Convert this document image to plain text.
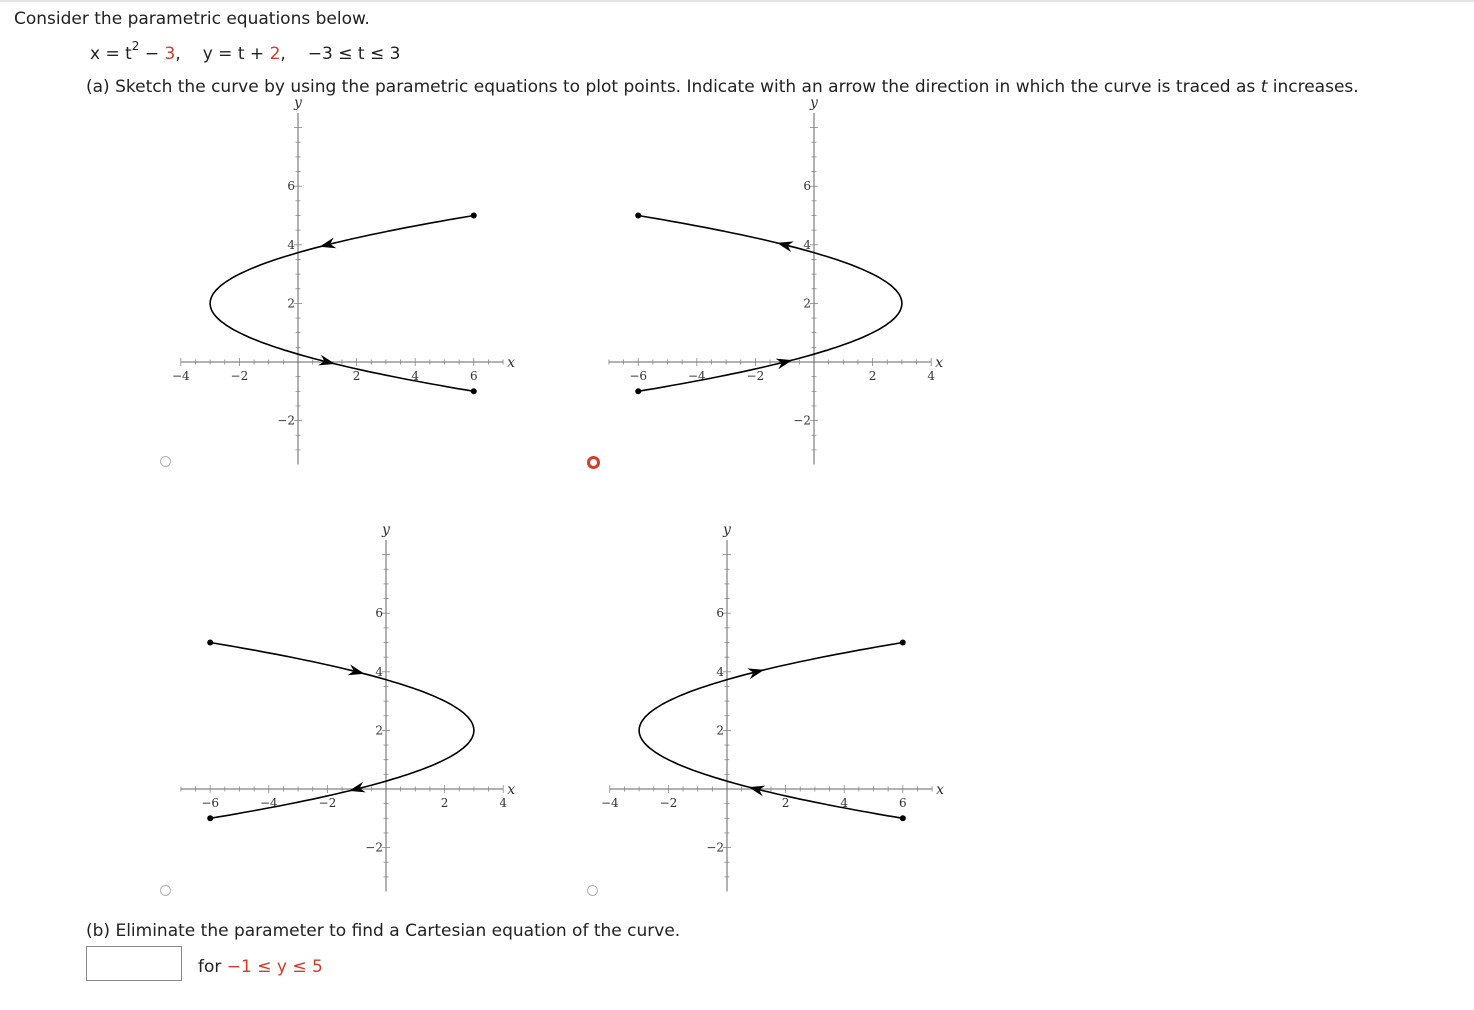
Consider the parametric equations below.
$x = t^2 - 3$, y = t + 2, −3 ≤ t ≤ 3
(a) Sketch the curve by using the parametric equations to plot points. Indicate with an arrow the direction in which the curve is traced as t increases.
−4	−2	2	4	6
−2
2
4
6
x
y
−6	−4	−2	2	4
−2
2
4
6
x
y
−6	−4	−2	2	4
−2
2
4
6
x
y
−4	−2	2	4	6
−2
2
4
6
x
y
(b) Eliminate the parameter to find a Cartesian equation of the curve.
for −1 ≤ y ≤ 5
